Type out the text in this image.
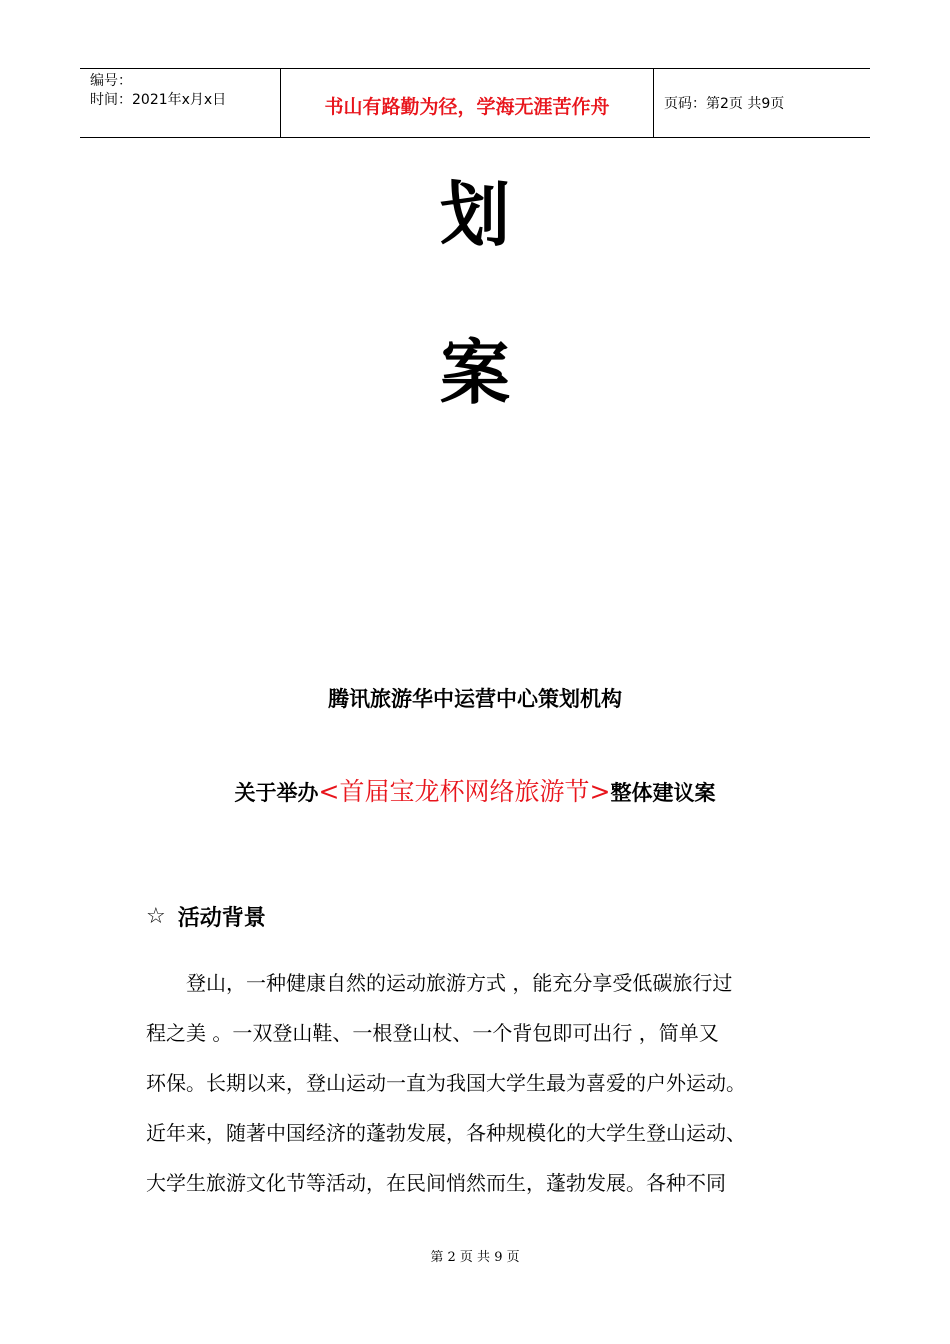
编号：
时间：2021年x月x日	书山有路勤为径，学海无涯苦作舟	页码：第2页 共9页
划
案
腾讯旅游华中运营中心策划机构
关于举办<首届宝龙杯网络旅游节>整体建议案
☆ 活动背景
　　登山，一种健康自然的运动旅游方式 ，能充分享受低碳旅行过
程之美 。一双登山鞋、一根登山杖、一个背包即可出行 ，简单又
环保。长期以来，登山运动一直为我国大学生最为喜爱的户外运动。
近年来，随著中国经济的蓬勃发展，各种规模化的大学生登山运动、
大学生旅游文化节等活动，在民间悄然而生，蓬勃发展。各种不同
第 2 页 共 9 页
